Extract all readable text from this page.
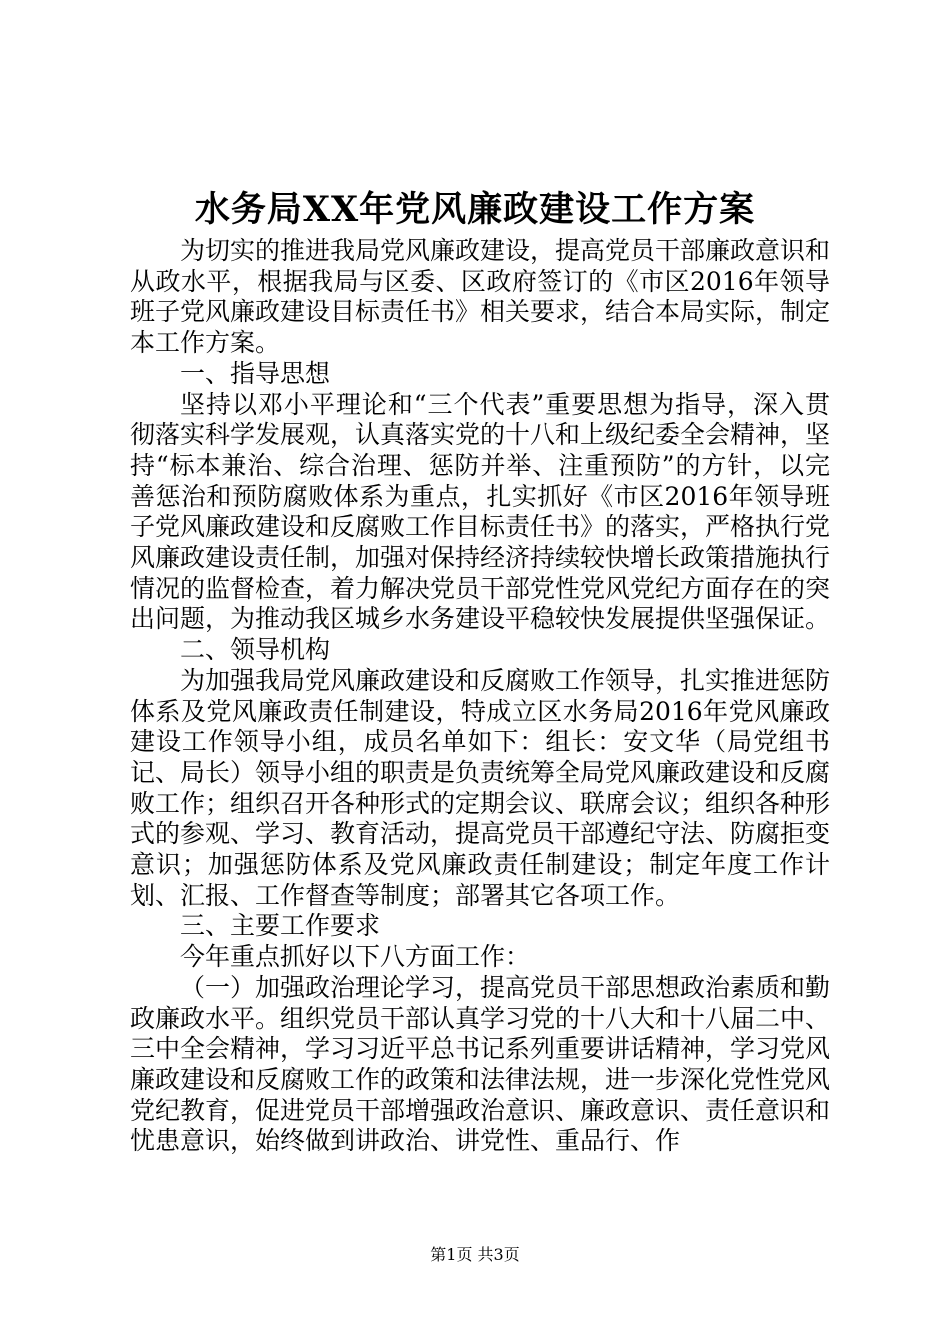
水务局XX年党风廉政建设工作方案

为切实的推进我局党风廉政建设，提高党员干部廉政意识和从政水平，根据我局与区委、区政府签订的《市区2016年领导班子党风廉政建设目标责任书》相关要求，结合本局实际，制定本工作方案。

一、指导思想

坚持以邓小平理论和“三个代表”重要思想为指导，深入贯彻落实科学发展观，认真落实党的十八和上级纪委全会精神，坚持“标本兼治、综合治理、惩防并举、注重预防”的方针，以完善惩治和预防腐败体系为重点，扎实抓好《市区2016年领导班子党风廉政建设和反腐败工作目标责任书》的落实，严格执行党风廉政建设责任制，加强对保持经济持续较快增长政策措施执行情况的监督检查，着力解决党员干部党性党风党纪方面存在的突出问题，为推动我区城乡水务建设平稳较快发展提供坚强保证。

二、领导机构

为加强我局党风廉政建设和反腐败工作领导，扎实推进惩防体系及党风廉政责任制建设，特成立区水务局2016年党风廉政建设工作领导小组，成员名单如下：组长：安文华（局党组书记、局长）领导小组的职责是负责统筹全局党风廉政建设和反腐败工作；组织召开各种形式的定期会议、联席会议；组织各种形式的参观、学习、教育活动，提高党员干部遵纪守法、防腐拒变意识；加强惩防体系及党风廉政责任制建设；制定年度工作计划、汇报、工作督查等制度；部署其它各项工作。

三、主要工作要求

今年重点抓好以下八方面工作：

（一）加强政治理论学习，提高党员干部思想政治素质和勤政廉政水平。组织党员干部认真学习党的十八大和十八届二中、三中全会精神，学习习近平总书记系列重要讲话精神，学习党风廉政建设和反腐败工作的政策和法律法规，进一步深化党性党风党纪教育，促进党员干部增强政治意识、廉政意识、责任意识和忧患意识，始终做到讲政治、讲党性、重品行、作

第1页 共3页
